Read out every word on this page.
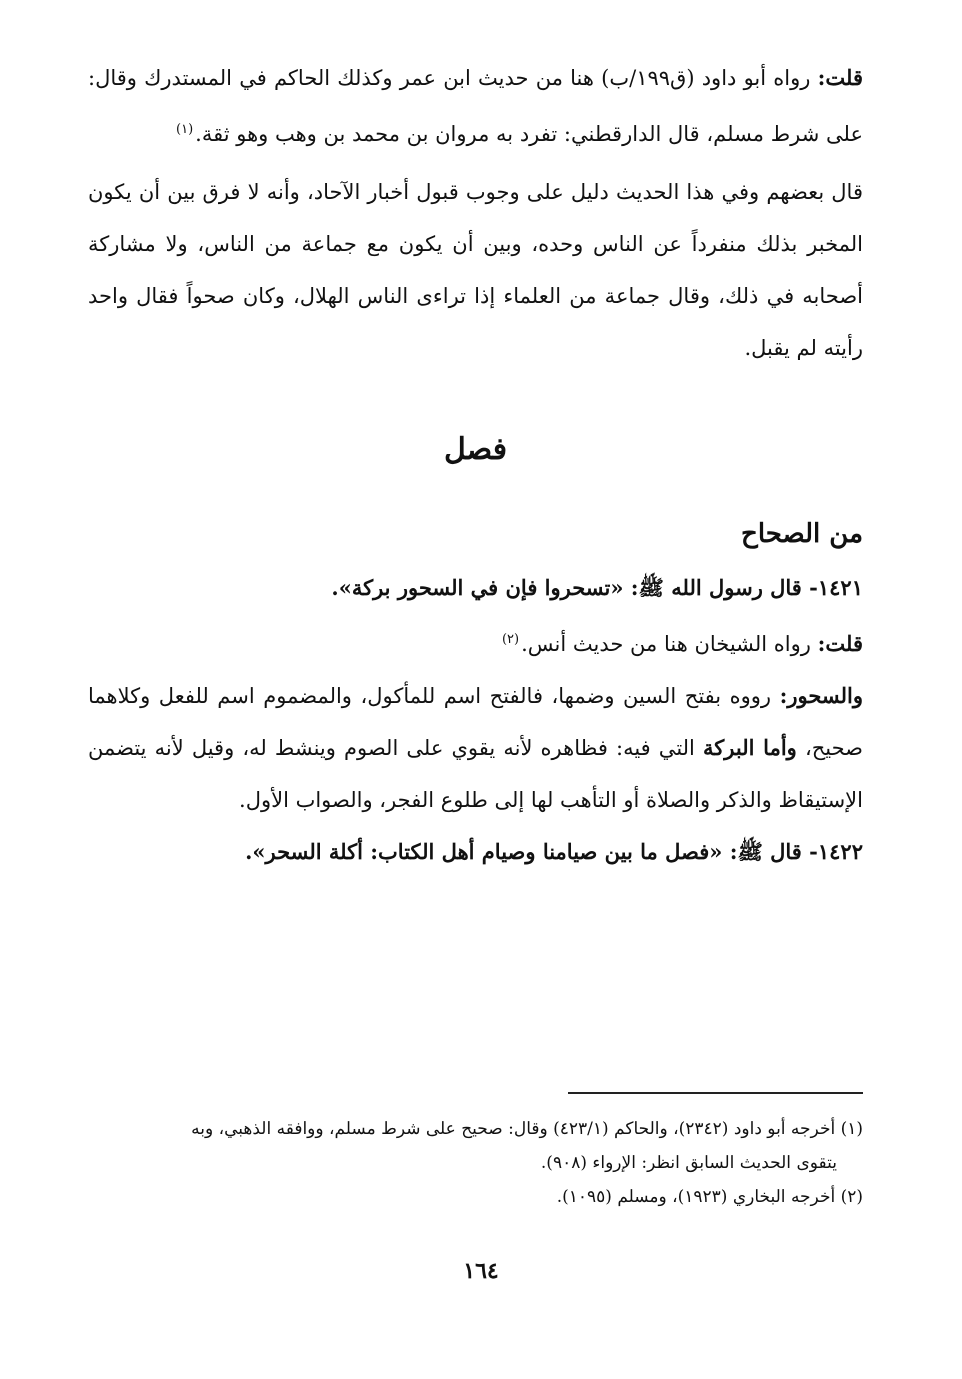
قلت: رواه أبو داود (ق١٩٩/ب) هنا من حديث ابن عمر وكذلك الحاكم في المستدرك وقال: على شرط مسلم، قال الدارقطني: تفرد به مروان بن محمد بن وهب وهو ثقة.$^{(١)}$

قال بعضهم وفي هذا الحديث دليل على وجوب قبول أخبار الآحاد، وأنه لا فرق بين أن يكون المخبر بذلك منفرداً عن الناس وحده، وبين أن يكون مع جماعة من الناس، ولا مشاركة أصحابه في ذلك، وقال جماعة من العلماء إذا تراءى الناس الهلال، وكان صحواً فقال واحد رأيته لم يقبل.

فصل
من الصحاح

١٤٢١- قال رسول الله ﷺ: «تسحروا فإن في السحور بركة».

قلت: رواه الشيخان هنا من حديث أنس.$^{(٢)}$

والسحور: رووه بفتح السين وضمها، فالفتح اسم للمأكول، والمضموم اسم للفعل وكلاهما صحيح، وأما البركة التي فيه: فظاهره لأنه يقوي على الصوم وينشط له، وقيل لأنه يتضمن الإستيقاظ والذكر والصلاة أو التأهب لها إلى طلوع الفجر، والصواب الأول.

١٤٢٢- قال ﷺ: «فصل ما بين صيامنا وصيام أهل الكتاب: أكلة السحر».

(١) أخرجه أبو داود (٢٣٤٢)، والحاكم (٤٢٣/١) وقال: صحيح على شرط مسلم، ووافقه الذهبي، وبه
يتقوى الحديث السابق انظر: الإرواء (٩٠٨).

(٢) أخرجه البخاري (١٩٢٣)، ومسلم (١٠٩٥).

١٦٤
